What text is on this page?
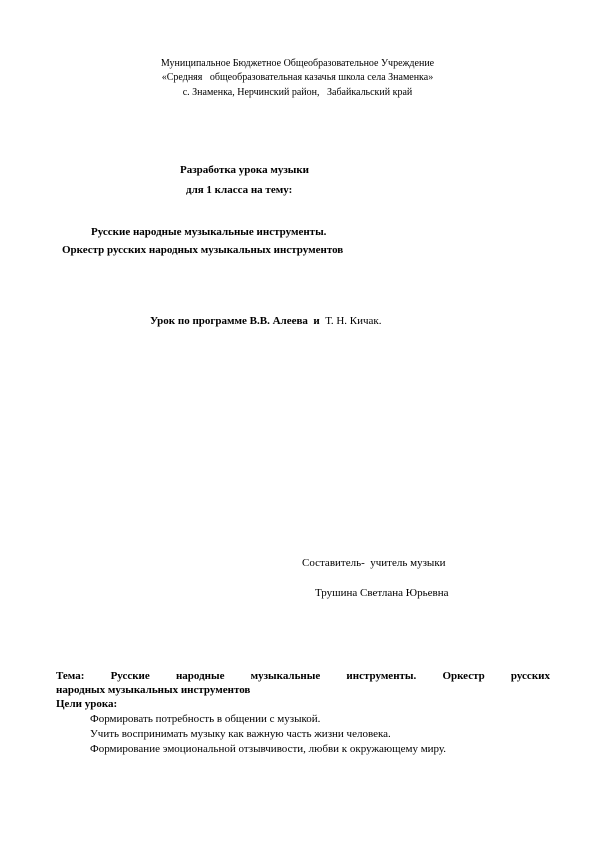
Муниципальное Бюджетное Общеобразовательное Учреждение
«Средняя   общеобразовательная казачья школа села Знаменка»
с. Знаменка, Нерчинский район,   Забайкальский край
Разработка урока музыки
для 1 класса на тему:
Русские народные музыкальные инструменты.
Оркестр русских народных музыкальных инструментов
Урок по программе В.В. Алеева  и  Т. Н. Кичак.
Составитель-  учитель музыки
Трушина Светлана Юрьевна
Тема: Русские народные музыкальные инструменты. Оркестр русских
народных музыкальных инструментов
Цели урока:
Формировать потребность в общении с музыкой.
Учить воспринимать музыку как важную часть жизни человека.
Формирование эмоциональной отзывчивости, любви к окружающему миру.
